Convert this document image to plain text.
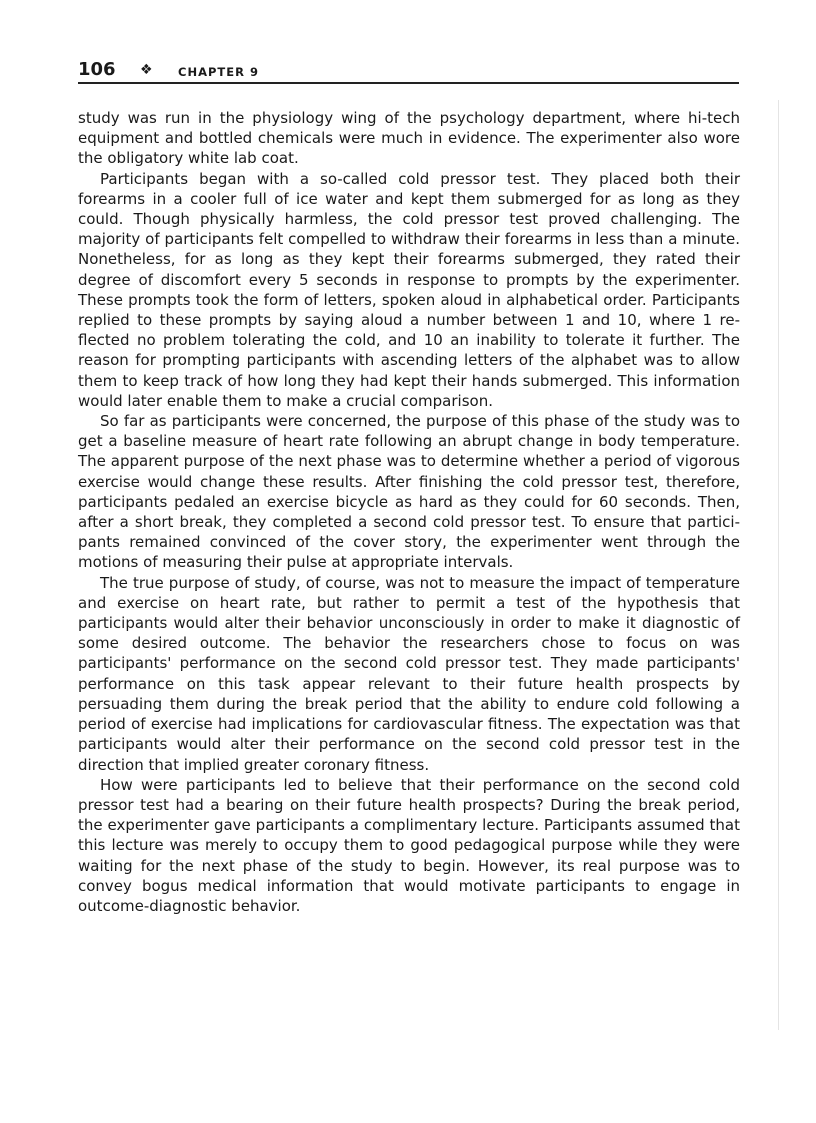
106 ❖ CHAPTER 9

study was run in the physiology wing of the psychology department, where hi-tech equipment and bottled chemicals were much in evidence. The experimenter also wore the obligatory white lab coat.

Participants began with a so-called cold pressor test. They placed both their forearms in a cooler full of ice water and kept them submerged for as long as they could. Though physically harmless, the cold pressor test proved challenging. The majority of participants felt compelled to withdraw their forearms in less than a minute. Nonetheless, for as long as they kept their forearms submerged, they rated their degree of discomfort every 5 seconds in response to prompts by the experimenter. These prompts took the form of letters, spoken aloud in alphabetical order. Participants replied to these prompts by saying aloud a number between 1 and 10, where 1 reflected no problem tolerating the cold, and 10 an inability to tolerate it further. The reason for prompting participants with ascending letters of the alphabet was to allow them to keep track of how long they had kept their hands submerged. This information would later enable them to make a crucial comparison.

So far as participants were concerned, the purpose of this phase of the study was to get a baseline measure of heart rate following an abrupt change in body temperature. The apparent purpose of the next phase was to determine whether a period of vigorous exercise would change these results. After finishing the cold pressor test, therefore, participants pedaled an exercise bicycle as hard as they could for 60 seconds. Then, after a short break, they completed a second cold pressor test. To ensure that participants remained convinced of the cover story, the experimenter went through the motions of measuring their pulse at appropriate intervals.

The true purpose of study, of course, was not to measure the impact of temperature and exercise on heart rate, but rather to permit a test of the hypothesis that participants would alter their behavior unconsciously in order to make it diagnostic of some desired outcome. The behavior the researchers chose to focus on was participants' performance on the second cold pressor test. They made participants' performance on this task appear relevant to their future health prospects by persuading them during the break period that the ability to endure cold following a period of exercise had implications for cardiovascular fitness. The expectation was that participants would alter their performance on the second cold pressor test in the direction that implied greater coronary fitness.

How were participants led to believe that their performance on the second cold pressor test had a bearing on their future health prospects? During the break period, the experimenter gave participants a complimentary lecture. Participants assumed that this lecture was merely to occupy them to good pedagogical purpose while they were waiting for the next phase of the study to begin. However, its real purpose was to convey bogus medical information that would motivate participants to engage in outcome-diagnostic behavior.
